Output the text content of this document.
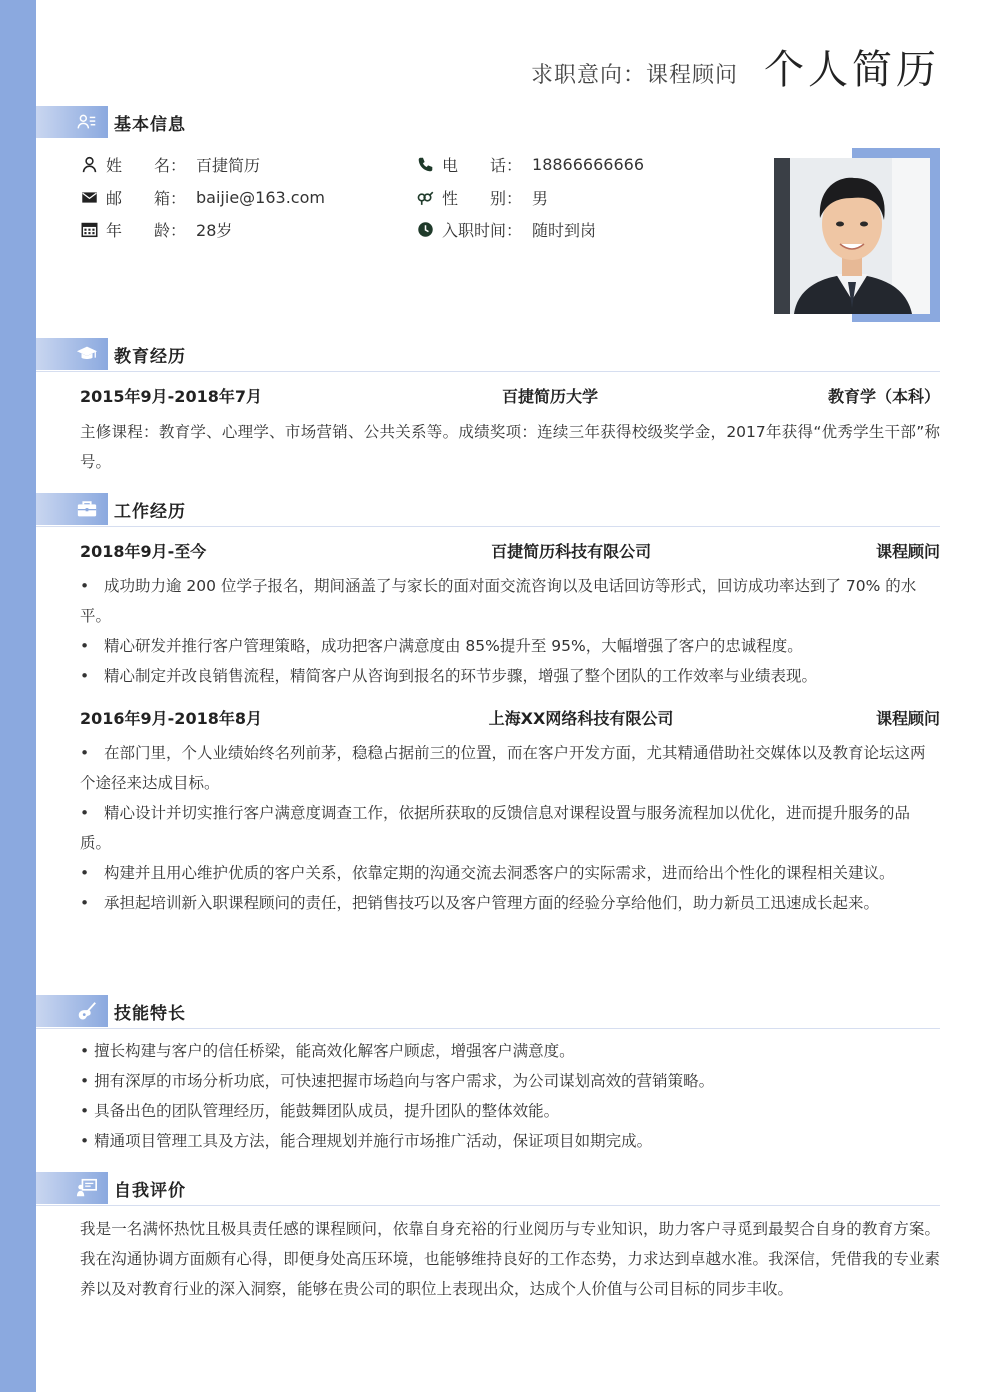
求职意向：课程顾问 个人简历
基本信息
姓　　名： 百捷简历
邮　　箱： baijie@163.com
年　　龄： 28岁
电　　话： 18866666666
性　　别： 男
入职时间： 随时到岗
教育经历
2015年9月-2018年7月	百捷简历大学	教育学（本科）
主修课程：教育学、心理学、市场营销、公共关系等。成绩奖项：连续三年获得校级奖学金，2017年获得“优秀学生干部”称号。
工作经历
2018年9月-至今	百捷简历科技有限公司	课程顾问
• 成功助力逾 200 位学子报名，期间涵盖了与家长的面对面交流咨询以及电话回访等形式，回访成功率达到了 70% 的水平。
• 精心研发并推行客户管理策略，成功把客户满意度由 85%提升至 95%，大幅增强了客户的忠诚程度。
• 精心制定并改良销售流程，精简客户从咨询到报名的环节步骤，增强了整个团队的工作效率与业绩表现。
2016年9月-2018年8月	上海XX网络科技有限公司	课程顾问
• 在部门里，个人业绩始终名列前茅，稳稳占据前三的位置，而在客户开发方面，尤其精通借助社交媒体以及教育论坛这两个途径来达成目标。
• 精心设计并切实推行客户满意度调查工作，依据所获取的反馈信息对课程设置与服务流程加以优化，进而提升服务的品质。
• 构建并且用心维护优质的客户关系，依靠定期的沟通交流去洞悉客户的实际需求，进而给出个性化的课程相关建议。
• 承担起培训新入职课程顾问的责任，把销售技巧以及客户管理方面的经验分享给他们，助力新员工迅速成长起来。
技能特长
• 擅长构建与客户的信任桥梁，能高效化解客户顾虑，增强客户满意度。
• 拥有深厚的市场分析功底，可快速把握市场趋向与客户需求，为公司谋划高效的营销策略。
• 具备出色的团队管理经历，能鼓舞团队成员，提升团队的整体效能。
• 精通项目管理工具及方法，能合理规划并施行市场推广活动，保证项目如期完成。
自我评价
我是一名满怀热忱且极具责任感的课程顾问，依靠自身充裕的行业阅历与专业知识，助力客户寻觅到最契合自身的教育方案。我在沟通协调方面颇有心得，即便身处高压环境，也能够维持良好的工作态势，力求达到卓越水准。我深信，凭借我的专业素养以及对教育行业的深入洞察，能够在贵公司的职位上表现出众，达成个人价值与公司目标的同步丰收。
